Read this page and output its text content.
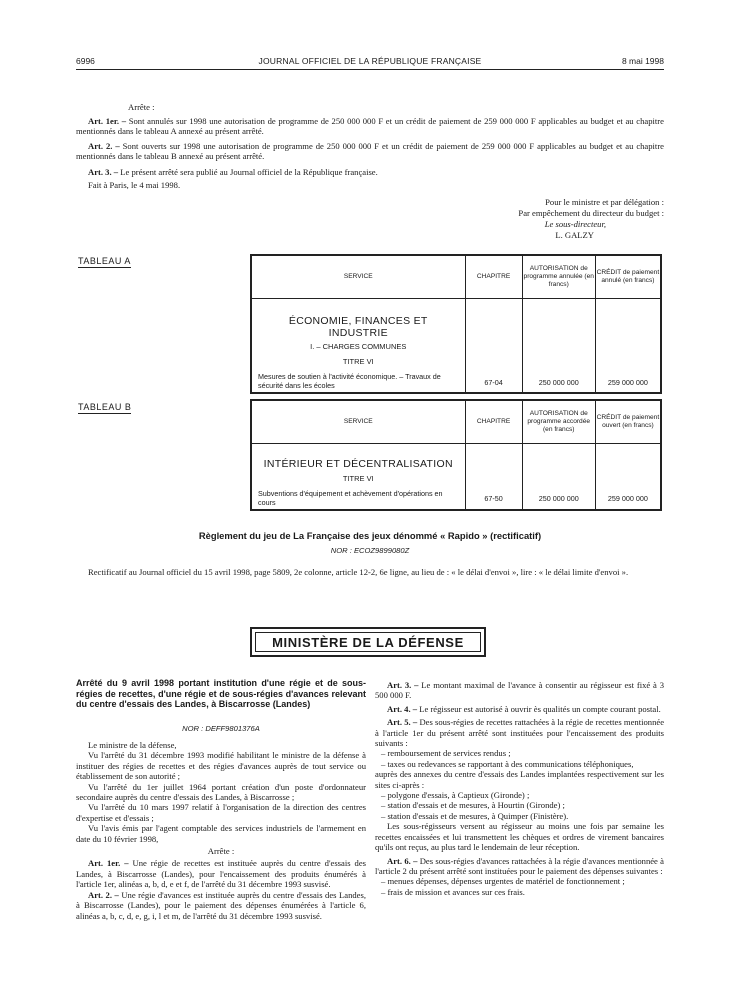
6996	JOURNAL OFFICIEL DE LA RÉPUBLIQUE FRANÇAISE	8 mai 1998
Arrête :
Art. 1er. – Sont annulés sur 1998 une autorisation de programme de 250 000 000 F et un crédit de paiement de 259 000 000 F applicables au budget et au chapitre mentionnés dans le tableau A annexé au présent arrêté.
Art. 2. – Sont ouverts sur 1998 une autorisation de programme de 250 000 000 F et un crédit de paiement de 259 000 000 F applicables au budget et au chapitre mentionnés dans le tableau B annexé au présent arrêté.
Art. 3. – Le présent arrêté sera publié au Journal officiel de la République française.
Fait à Paris, le 4 mai 1998.
Pour le ministre et par délégation :
Par empêchement du directeur du budget :
Le sous-directeur,
L. GALZY
TABLEAU A
SERVICE	CHAPITRE	AUTORISATION de programme annulée (en francs)	CRÉDIT de paiement annulé (en francs)

ÉCONOMIE, FINANCES ET INDUSTRIE
I. – CHARGES COMMUNES
TITRE VI
Mesures de soutien à l'activité économique. – Travaux de sécurité dans les écoles	67-04	250 000 000	259 000 000
TABLEAU B
SERVICE	CHAPITRE	AUTORISATION de programme accordée (en francs)	CRÉDIT de paiement ouvert (en francs)

INTÉRIEUR ET DÉCENTRALISATION
TITRE VI
Subventions d'équipement et achèvement d'opérations en cours	67-50	250 000 000	259 000 000
Règlement du jeu de La Française des jeux dénommé « Rapido » (rectificatif)
NOR : ECOZ9899080Z
Rectificatif au Journal officiel du 15 avril 1998, page 5809, 2e colonne, article 12-2, 6e ligne, au lieu de : « le délai d'envoi », lire : « le délai limite d'envoi ».
MINISTÈRE DE LA DÉFENSE
Arrêté du 9 avril 1998 portant institution d'une régie et de sous-régies de recettes, d'une régie et de sous-régies d'avances relevant du centre d'essais des Landes, à Biscarrosse (Landes)
NOR : DEFF9801376A
Le ministre de la défense,
Vu l'arrêté du 31 décembre 1993 modifié habilitant le ministre de la défense à instituer des régies de recettes et des régies d'avances auprès de tout service ou établissement de son autorité ;
Vu l'arrêté du 1er juillet 1964 portant création d'un poste d'ordonnateur secondaire auprès du centre d'essais des Landes, à Biscarrosse ;
Vu l'arrêté du 10 mars 1997 relatif à l'organisation de la direction des centres d'expertise et d'essais ;
Vu l'avis émis par l'agent comptable des services industriels de l'armement en date du 10 février 1998,
Arrête :
Art. 1er. – Une régie de recettes est instituée auprès du centre d'essais des Landes, à Biscarrosse (Landes), pour l'encaissement des produits énumérés à l'article 1er, alinéas a, b, d, e et f, de l'arrêté du 31 décembre 1993 susvisé.
Art. 2. – Une régie d'avances est instituée auprès du centre d'essais des Landes, à Biscarrosse (Landes), pour le paiement des dépenses énumérées à l'article 6, alinéas a, b, c, d, e, g, i, l et m, de l'arrêté du 31 décembre 1993 susvisé.
Art. 3. – Le montant maximal de l'avance à consentir au régisseur est fixé à 3 500 000 F.
Art. 4. – Le régisseur est autorisé à ouvrir ès qualités un compte courant postal.
Art. 5. – Des sous-régies de recettes rattachées à la régie de recettes mentionnée à l'article 1er du présent arrêté sont instituées pour l'encaissement des produits suivants :
– remboursement de services rendus ;
– taxes ou redevances se rapportant à des communications téléphoniques,
auprès des annexes du centre d'essais des Landes implantées respectivement sur les sites ci-après :
– polygone d'essais, à Captieux (Gironde) ;
– station d'essais et de mesures, à Hourtin (Gironde) ;
– station d'essais et de mesures, à Quimper (Finistère).
Les sous-régisseurs versent au régisseur au moins une fois par semaine les recettes encaissées et lui transmettent les chèques et ordres de virement bancaires qu'ils ont reçus, au plus tard le lendemain de leur réception.
Art. 6. – Des sous-régies d'avances rattachées à la régie d'avances mentionnée à l'article 2 du présent arrêté sont instituées pour le paiement des dépenses suivantes :
– menues dépenses, dépenses urgentes de matériel de fonctionnement ;
– frais de mission et avances sur ces frais.
